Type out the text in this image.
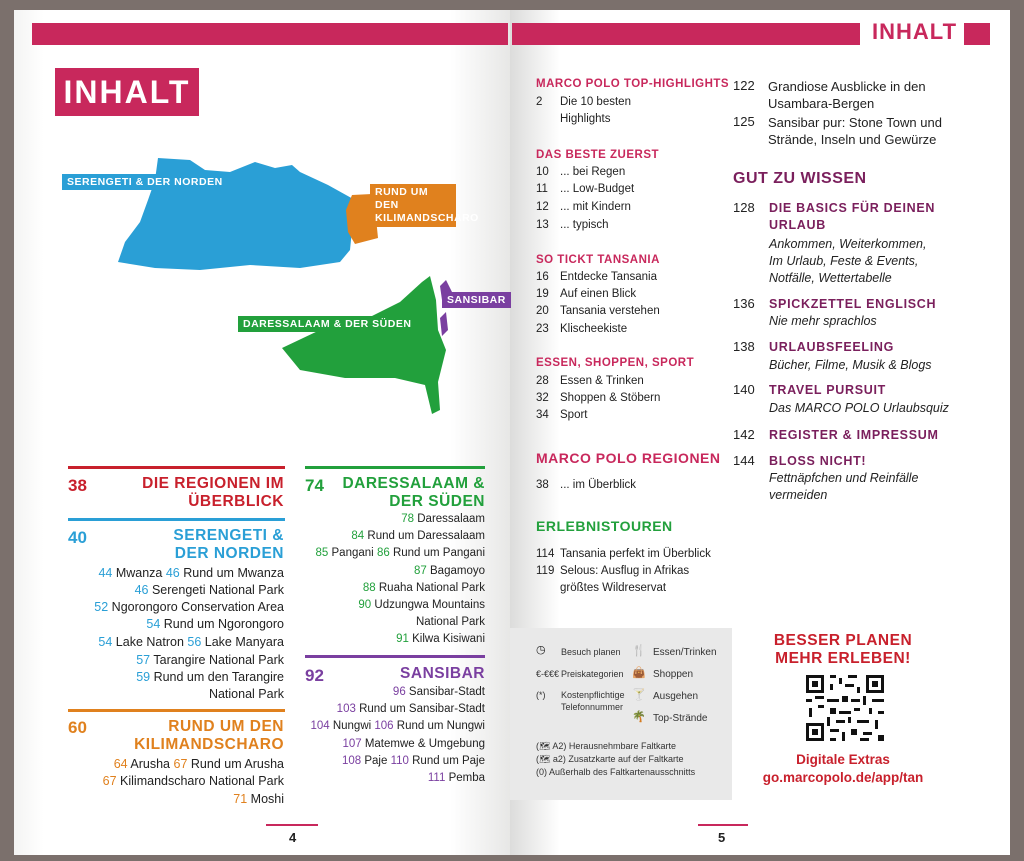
INHALT
INHALT
SERENGETI & DER NORDEN
RUND UM DEN KILIMANDSCHARO
DARESSALAAM & DER SÜDEN
SANSIBAR
38	DIE REGIONEN IM
ÜBERBLICK
40	SERENGETI &
DER NORDEN
44 Mwanza 46 Rund um Mwanza
46 Serengeti National Park
52 Ngorongoro Conservation Area
54 Rund um Ngorongoro
54 Lake Natron 56 Lake Manyara
57 Tarangire National Park
59 Rund um den Tarangire
National Park
60	RUND UM DEN
KILIMANDSCHARO
64 Arusha 67 Rund um Arusha
67 Kilimandscharo National Park
71 Moshi
74 DARESSALAAM &
DER SÜDEN
78 Daressalaam
84 Rund um Daressalaam
85 Pangani 86 Rund um Pangani
87 Bagamoyo
88 Ruaha National Park
90 Udzungwa Mountains
National Park
91 Kilwa Kisiwani
92	SANSIBAR
96 Sansibar-Stadt
103 Rund um Sansibar-Stadt
104 Nungwi 106 Rund um Nungwi
107 Matemwe & Umgebung
108 Paje 110 Rund um Paje
111 Pemba
4
MARCO POLO TOP-HIGHLIGHTS
2 Die 10 besten
Highlights
DAS BESTE ZUERST
10 ... bei Regen
11 ... Low-Budget
12 ... mit Kindern
13 ... typisch
SO TICKT TANSANIA
16 Entdecke Tansania
19 Auf einen Blick
20 Tansania verstehen
23 Klischeekiste
ESSEN, SHOPPEN, SPORT
28 Essen & Trinken
32 Shoppen & Stöbern
34 Sport
MARCO POLO REGIONEN
38 ... im Überblick
ERLEBNISTOUREN
114 Tansania perfekt im Überblick
119 Selous: Ausflug in Afrikas
größtes Wildreservat
122 Grandiose Ausblicke in den
Usambara-Bergen
125 Sansibar pur: Stone Town und
Strände, Inseln und Gewürze
GUT ZU WISSEN
128 DIE BASICS FÜR DEINEN
URLAUB
Ankommen, Weiterkommen,
Im Urlaub, Feste & Events,
Notfälle, Wettertabelle
136 SPICKZETTEL ENGLISCH
Nie mehr sprachlos
138 URLAUBSFEELING
Bücher, Filme, Musik & Blogs
140 TRAVEL PURSUIT
Das MARCO POLO Urlaubsquiz
142 REGISTER & IMPRESSUM
144 BLOSS NICHT!
Fettnäpfchen und Reinfälle
vermeiden
◷ Besuch planen
€-€€€ Preiskategorien
(*) Kostenpflichtige
Telefonnummer
🍴 Essen/Trinken
👜 Shoppen
🍸 Ausgehen
🌴 Top-Strände
(🗺 A2) Herausnehmbare Faltkarte
(🗺 a2) Zusatzkarte auf der Faltkarte
(0) Außerhalb des Faltkartenausschnitts
BESSER PLANEN
MEHR ERLEBEN!
Digitale Extras
go.marcopolo.de/app/tan
5
